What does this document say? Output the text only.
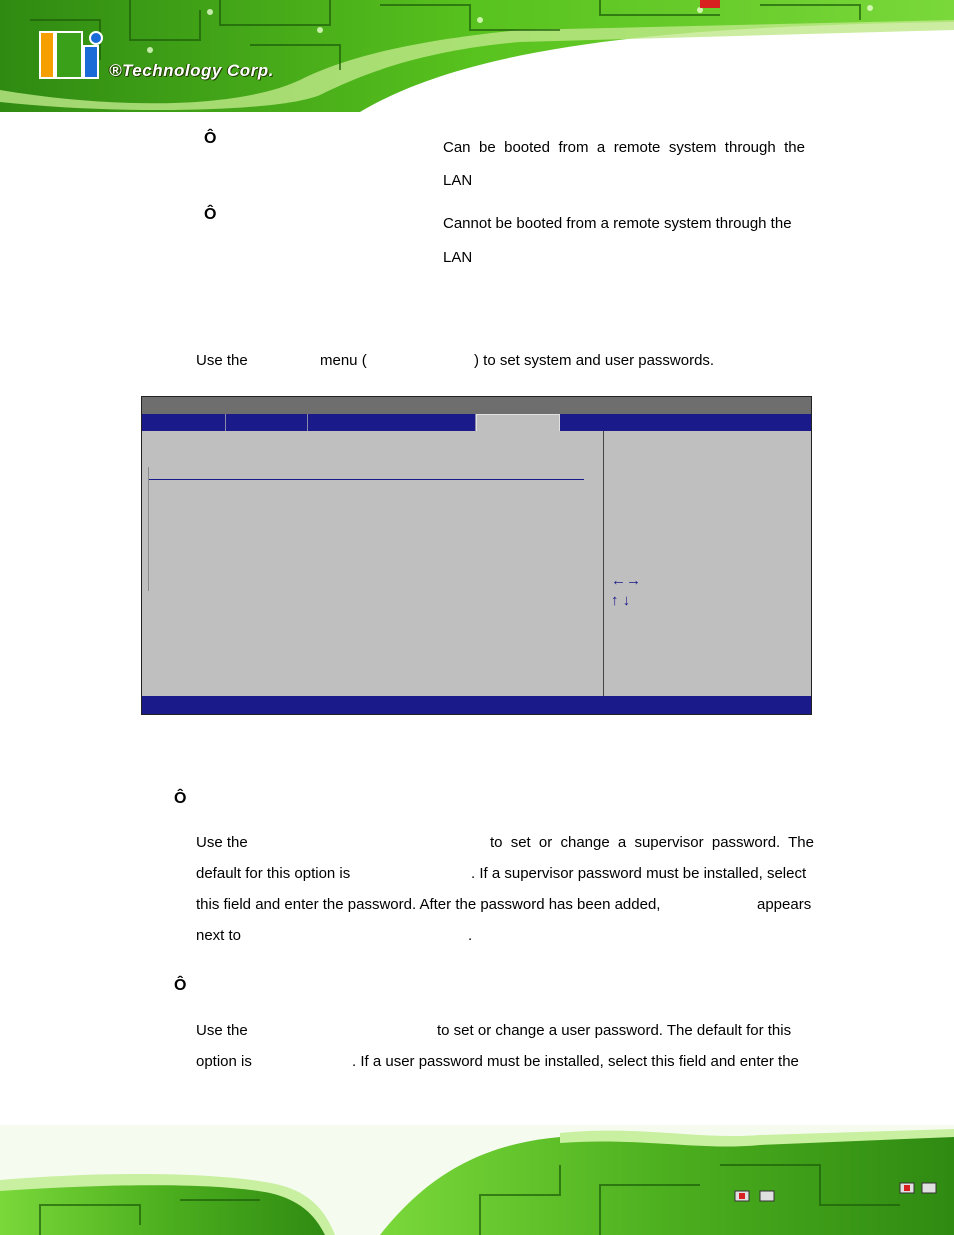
®Technology Corp.
Ô
Can be booted from a remote system through the
LAN
Ô
Cannot be booted from a remote system through the
LAN
Use the	menu (	) to set system and user passwords.
←→
↑ ↓
Ô
Use the	to set or change a supervisor password. The
default for this option is	. If a supervisor password must be installed, select
this field and enter the password. After the password has been added,	appears
next to	.
Ô
Use the	to set or change a user password. The default for this
option is	. If a user password must be installed, select this field and enter the
